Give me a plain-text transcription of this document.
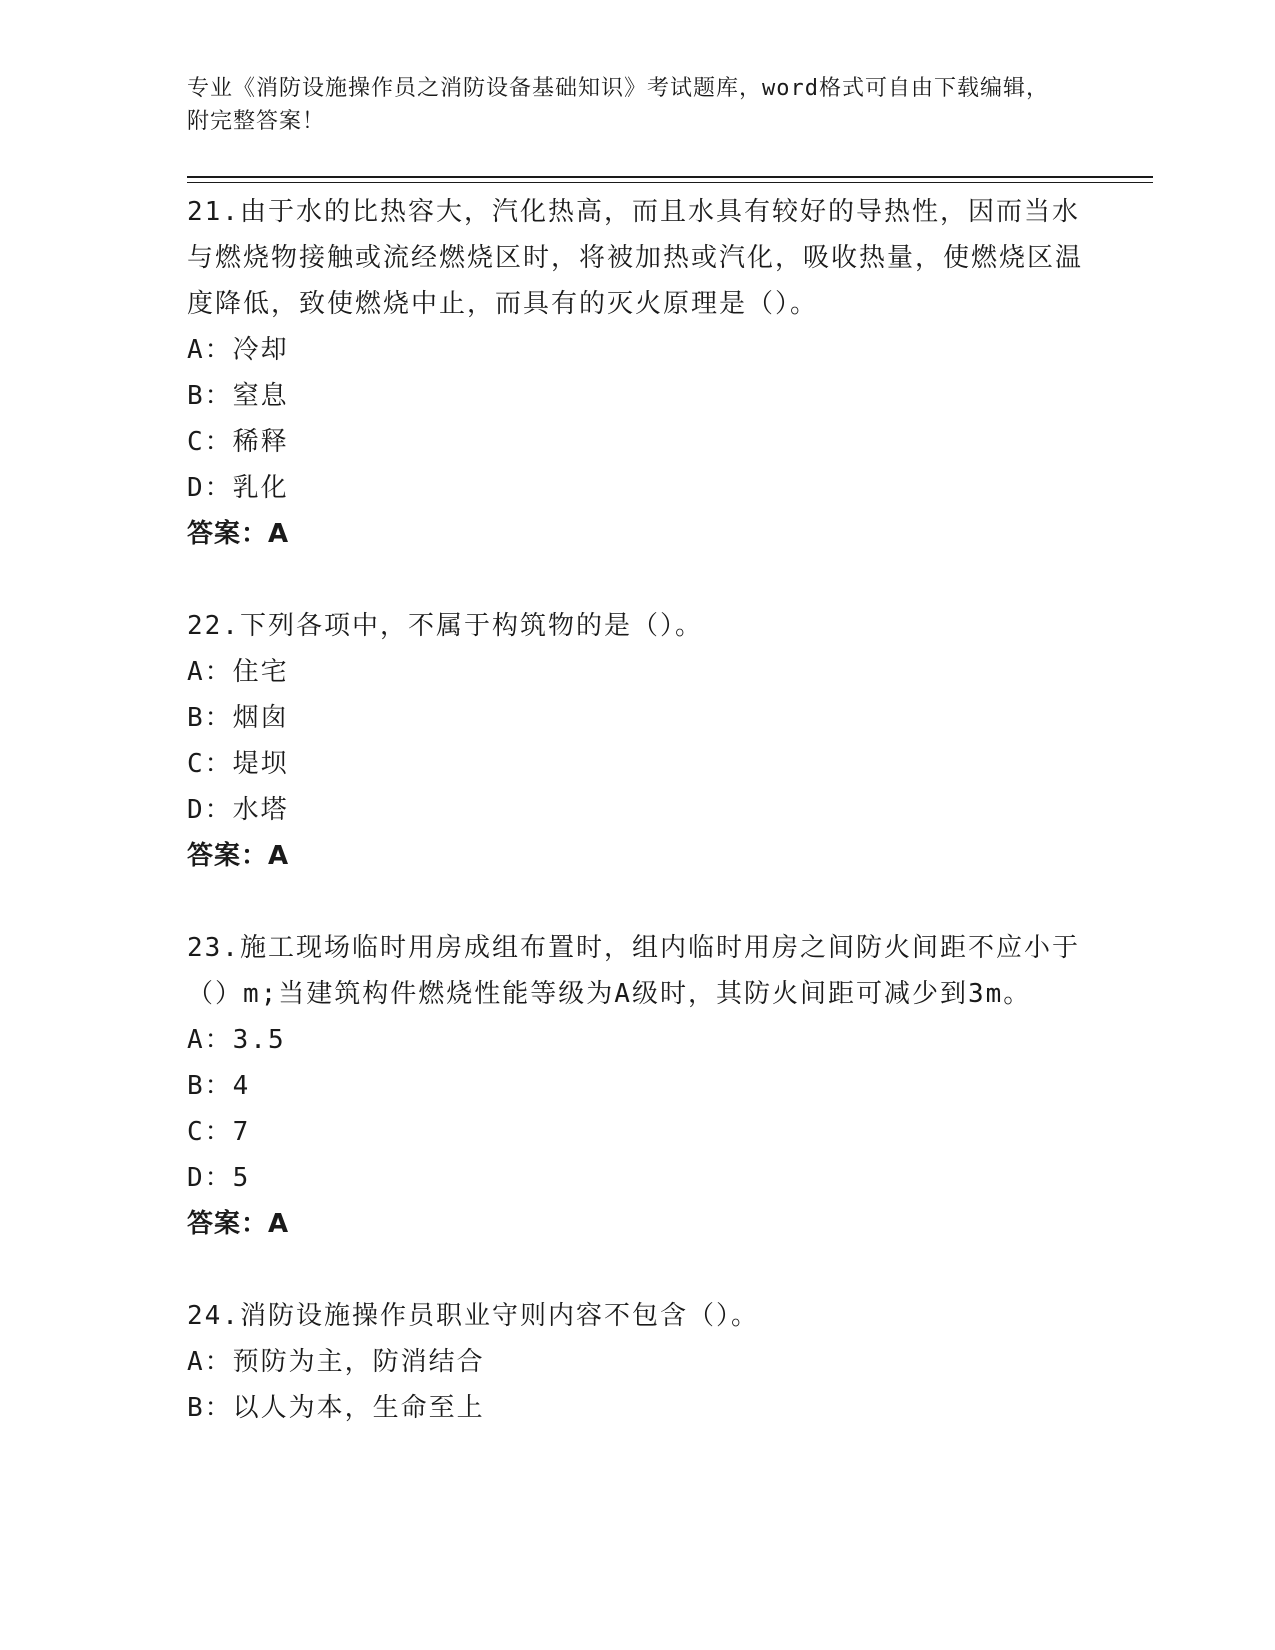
专业《消防设施操作员之消防设备基础知识》考试题库，word格式可自由下载编辑，附完整答案！

21.由于水的比热容大，汽化热高，而且水具有较好的导热性，因而当水与燃烧物接触或流经燃烧区时，将被加热或汽化，吸收热量，使燃烧区温度降低，致使燃烧中止，而具有的灭火原理是（）。

A：冷却

B：窒息

C：稀释

D：乳化

答案：A

22.下列各项中，不属于构筑物的是（）。

A：住宅

B：烟囱

C：堤坝

D：水塔

答案：A

23.施工现场临时用房成组布置时，组内临时用房之间防火间距不应小于（）m;当建筑构件燃烧性能等级为A级时，其防火间距可减少到3m。

A：3.5

B：4

C：7

D：5

答案：A

24.消防设施操作员职业守则内容不包含（）。

A：预防为主，防消结合

B：以人为本，生命至上
